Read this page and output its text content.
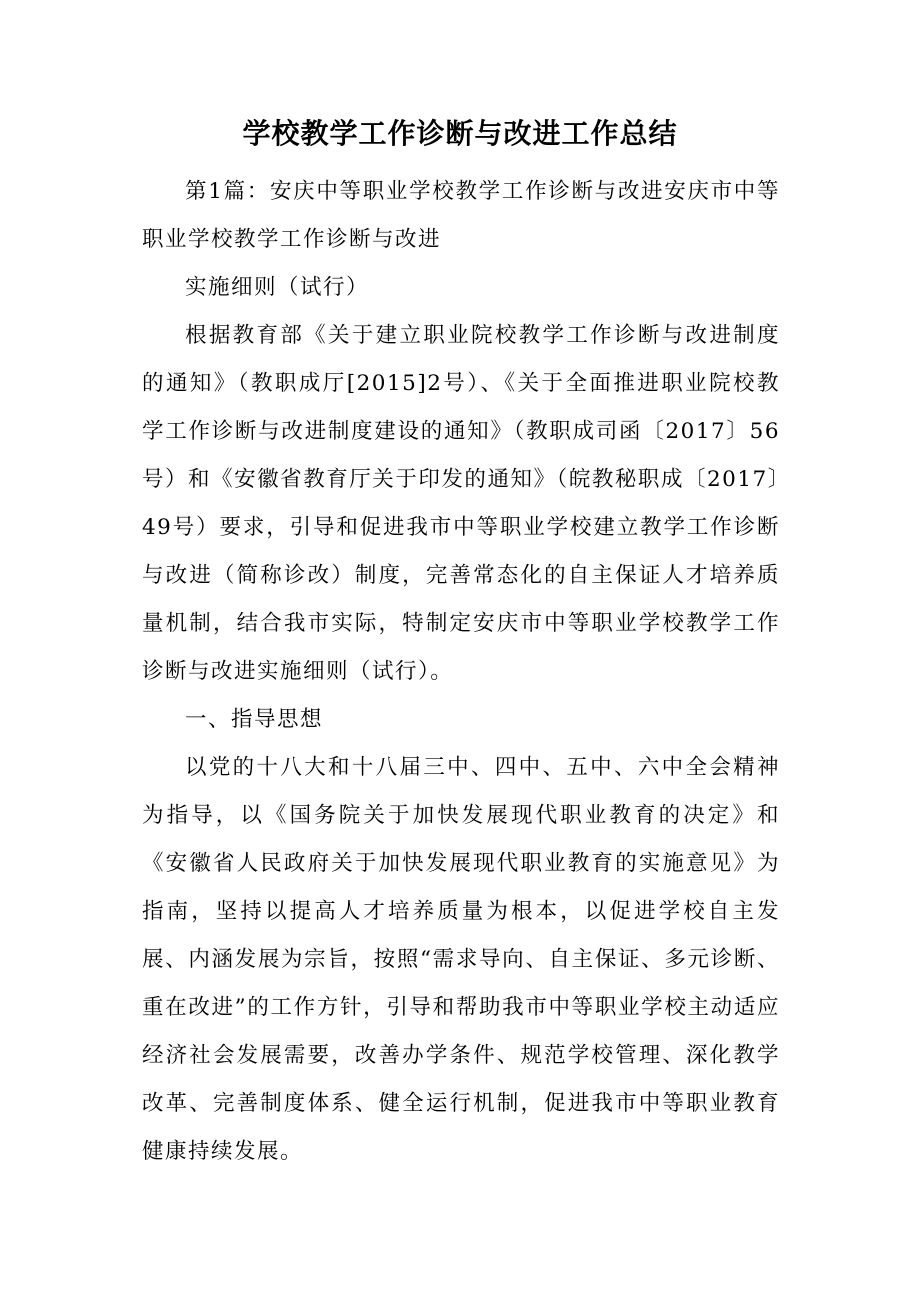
学校教学工作诊断与改进工作总结

第1篇：安庆中等职业学校教学工作诊断与改进安庆市中等职业学校教学工作诊断与改进

实施细则（试行）

根据教育部《关于建立职业院校教学工作诊断与改进制度的通知》（教职成厅[2015]2号）、《关于全面推进职业院校教学工作诊断与改进制度建设的通知》（教职成司函〔2017〕56号）和《安徽省教育厅关于印发的通知》（皖教秘职成〔2017〕49号）要求，引导和促进我市中等职业学校建立教学工作诊断与改进（简称诊改）制度，完善常态化的自主保证人才培养质量机制，结合我市实际，特制定安庆市中等职业学校教学工作诊断与改进实施细则（试行）。

一、指导思想

以党的十八大和十八届三中、四中、五中、六中全会精神为指导，以《国务院关于加快发展现代职业教育的决定》和《安徽省人民政府关于加快发展现代职业教育的实施意见》为指南，坚持以提高人才培养质量为根本，以促进学校自主发展、内涵发展为宗旨，按照“需求导向、自主保证、多元诊断、重在改进”的工作方针，引导和帮助我市中等职业学校主动适应经济社会发展需要，改善办学条件、规范学校管理、深化教学改革、完善制度体系、健全运行机制，促进我市中等职业教育健康持续发展。
